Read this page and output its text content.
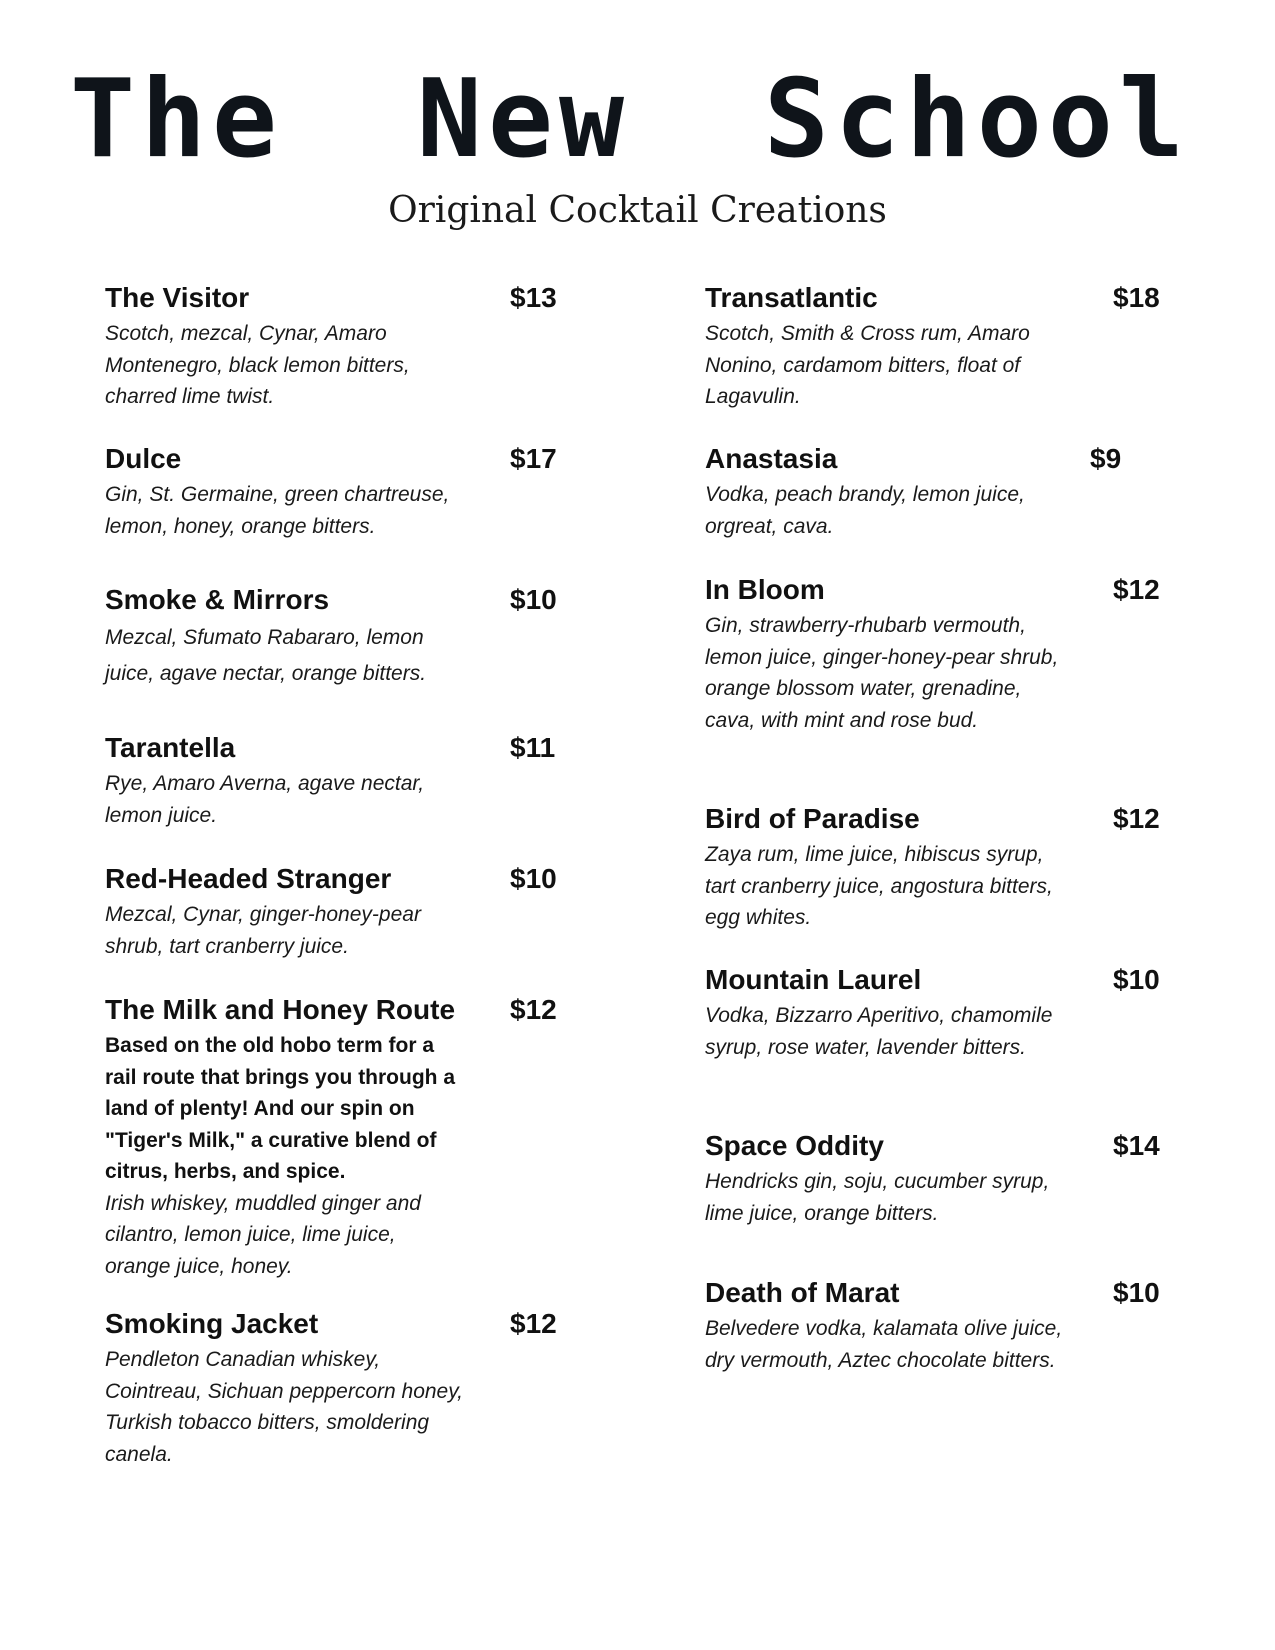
The New School
Original Cocktail Creations
The Visitor	$13

Scotch, mezcal, Cynar, Amaro Montenegro, black lemon bitters, charred lime twist.

Dulce	$17

Gin, St. Germaine, green chartreuse, lemon, honey, orange bitters.

Smoke & Mirrors	$10

Mezcal, Sfumato Rabararo, lemon juice, agave nectar, orange bitters.

Tarantella	$11

Rye, Amaro Averna, agave nectar, lemon juice.

Red-Headed Stranger	$10

Mezcal, Cynar, ginger-honey-pear shrub, tart cranberry juice.

The Milk and Honey Route $12

Based on the old hobo term for a rail route that brings you through a land of plenty! And our spin on "Tiger's Milk," a curative blend of citrus, herbs, and spice.

Irish whiskey, muddled ginger and cilantro, lemon juice, lime juice, orange juice, honey.

Smoking Jacket	$12

Pendleton Canadian whiskey, Cointreau, Sichuan peppercorn honey, Turkish tobacco bitters, smoldering canela.

Transatlantic	$18

Scotch, Smith & Cross rum, Amaro Nonino, cardamom bitters, float of Lagavulin.

Anastasia	$9

Vodka, peach brandy, lemon juice, orgreat, cava.

In Bloom	$12

Gin, strawberry-rhubarb vermouth, lemon juice, ginger-honey-pear shrub, orange blossom water, grenadine, cava, with mint and rose bud.

Bird of Paradise	$12

Zaya rum, lime juice, hibiscus syrup, tart cranberry juice, angostura bitters, egg whites.

Mountain Laurel	$10

Vodka, Bizzarro Aperitivo, chamomile syrup, rose water, lavender bitters.

Space Oddity	$14

Hendricks gin, soju, cucumber syrup, lime juice, orange bitters.

Death of Marat	$10

Belvedere vodka, kalamata olive juice, dry vermouth, Aztec chocolate bitters.
